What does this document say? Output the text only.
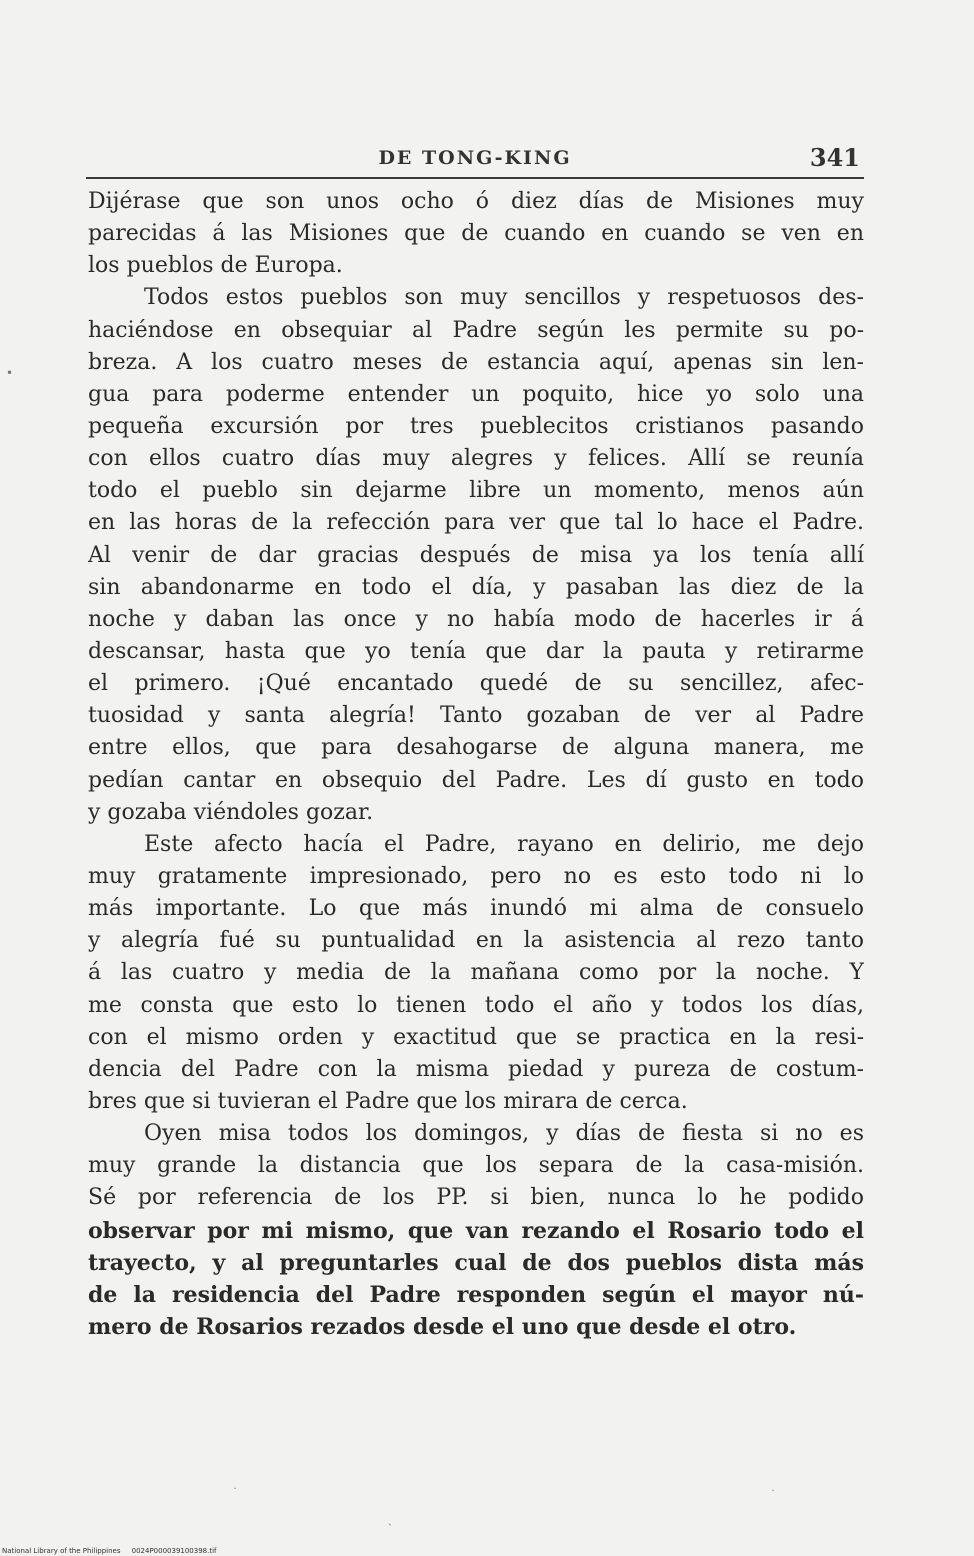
DE TONG-KING	341
Dijérase que son unos ocho ó diez días de Misiones muy
parecidas á las Misiones que de cuando en cuando se ven en
los pueblos de Europa.
Todos estos pueblos son muy sencillos y respetuosos des-
haciéndose en obsequiar al Padre según les permite su po-
breza. A los cuatro meses de estancia aquí, apenas sin len-
gua para poderme entender un poquito, hice yo solo una
pequeña excursión por tres pueblecitos cristianos pasando
con ellos cuatro días muy alegres y felices. Allí se reunía
todo el pueblo sin dejarme libre un momento, menos aún
en las horas de la refección para ver que tal lo hace el Padre.
Al venir de dar gracias después de misa ya los tenía allí
sin abandonarme en todo el día, y pasaban las diez de la
noche y daban las once y no había modo de hacerles ir á
descansar, hasta que yo tenía que dar la pauta y retirarme
el primero. ¡Qué encantado quedé de su sencillez, afec-
tuosidad y santa alegría! Tanto gozaban de ver al Padre
entre ellos, que para desahogarse de alguna manera, me
pedían cantar en obsequio del Padre. Les dí gusto en todo
y gozaba viéndoles gozar.
Este afecto hacía el Padre, rayano en delirio, me dejo
muy gratamente impresionado, pero no es esto todo ni lo
más importante. Lo que más inundó mi alma de consuelo
y alegría fué su puntualidad en la asistencia al rezo tanto
á las cuatro y media de la mañana como por la noche. Y
me consta que esto lo tienen todo el año y todos los días,
con el mismo orden y exactitud que se practica en la resi-
dencia del Padre con la misma piedad y pureza de costum-
bres que si tuvieran el Padre que los mirara de cerca.
Oyen misa todos los domingos, y días de fiesta si no es
muy grande la distancia que los separa de la casa-misión.
Sé por referencia de los PP. si bien, nunca lo he podido
observar por mi mismo, que van rezando el Rosario todo el
trayecto, y al preguntarles cual de dos pueblos dista más
de la residencia del Padre responden según el mayor nú-
mero de Rosarios rezados desde el uno que desde el otro.
•
˙
ˎ
˙
National Library of the Philippines 0024P000039100398.tif
